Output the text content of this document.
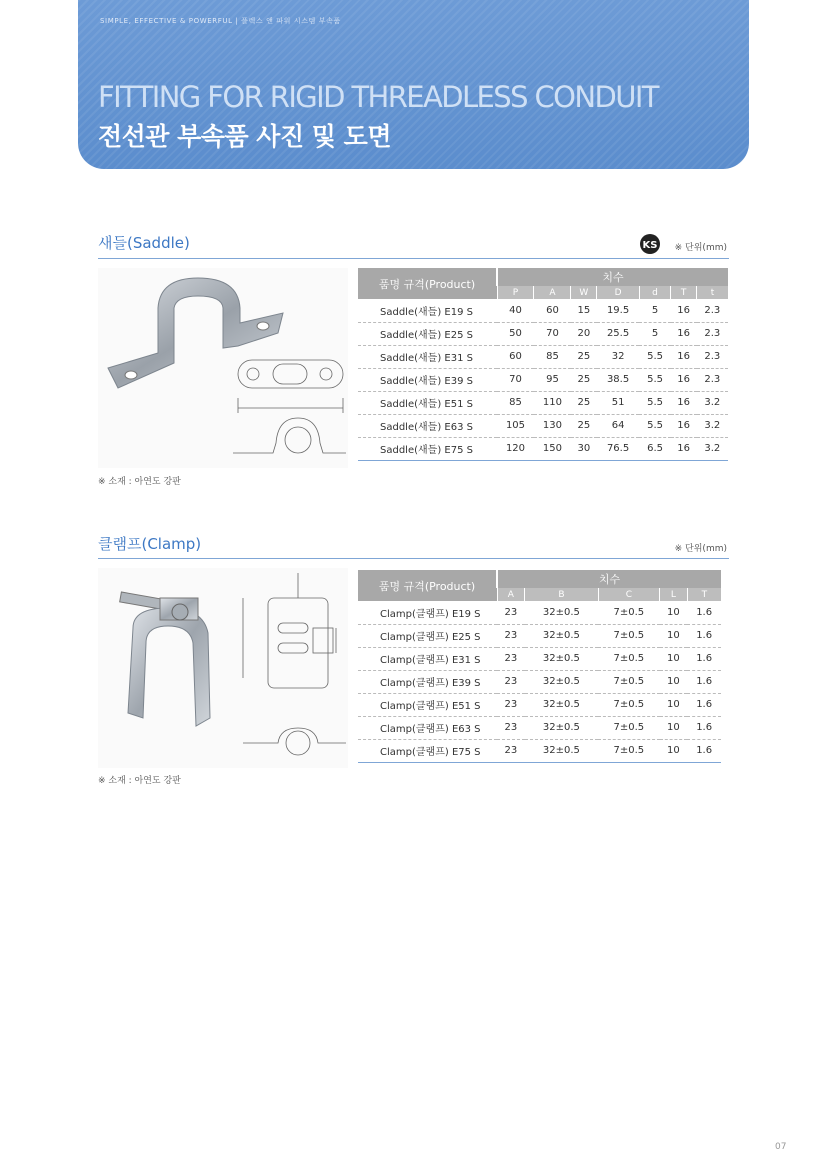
SIMPLE, EFFECTIVE & POWERFUL | 플렉스 앤 파워 시스템 부속품
FITTING FOR RIGID THREADLESS CONDUIT
전선관 부속품 사진 및 도면
새들(Saddle)	KS ※ 단위(mm)
품명 규격(Product)	치수						
	P	A	W	D	d	T	t
Saddle(새들) E19 S	40	60	15	19.5	5	16	2.3
Saddle(새들) E25 S	50	70	20	25.5	5	16	2.3
Saddle(새들) E31 S	60	85	25	32	5.5	16	2.3
Saddle(새들) E39 S	70	95	25	38.5	5.5	16	2.3
Saddle(새들) E51 S	85	110	25	51	5.5	16	3.2
Saddle(새들) E63 S	105	130	25	64	5.5	16	3.2
Saddle(새들) E75 S	120	150	30	76.5	6.5	16	3.2
※ 소재 : 아연도 강판
클램프(Clamp)	※ 단위(mm)
품명 규격(Product)	치수				
	A	B	C	L	T
Clamp(클램프) E19 S	23	32±0.5	7±0.5	10	1.6
Clamp(클램프) E25 S	23	32±0.5	7±0.5	10	1.6
Clamp(클램프) E31 S	23	32±0.5	7±0.5	10	1.6
Clamp(클램프) E39 S	23	32±0.5	7±0.5	10	1.6
Clamp(클램프) E51 S	23	32±0.5	7±0.5	10	1.6
Clamp(클램프) E63 S	23	32±0.5	7±0.5	10	1.6
Clamp(클램프) E75 S	23	32±0.5	7±0.5	10	1.6
※ 소재 : 아연도 강판
07
